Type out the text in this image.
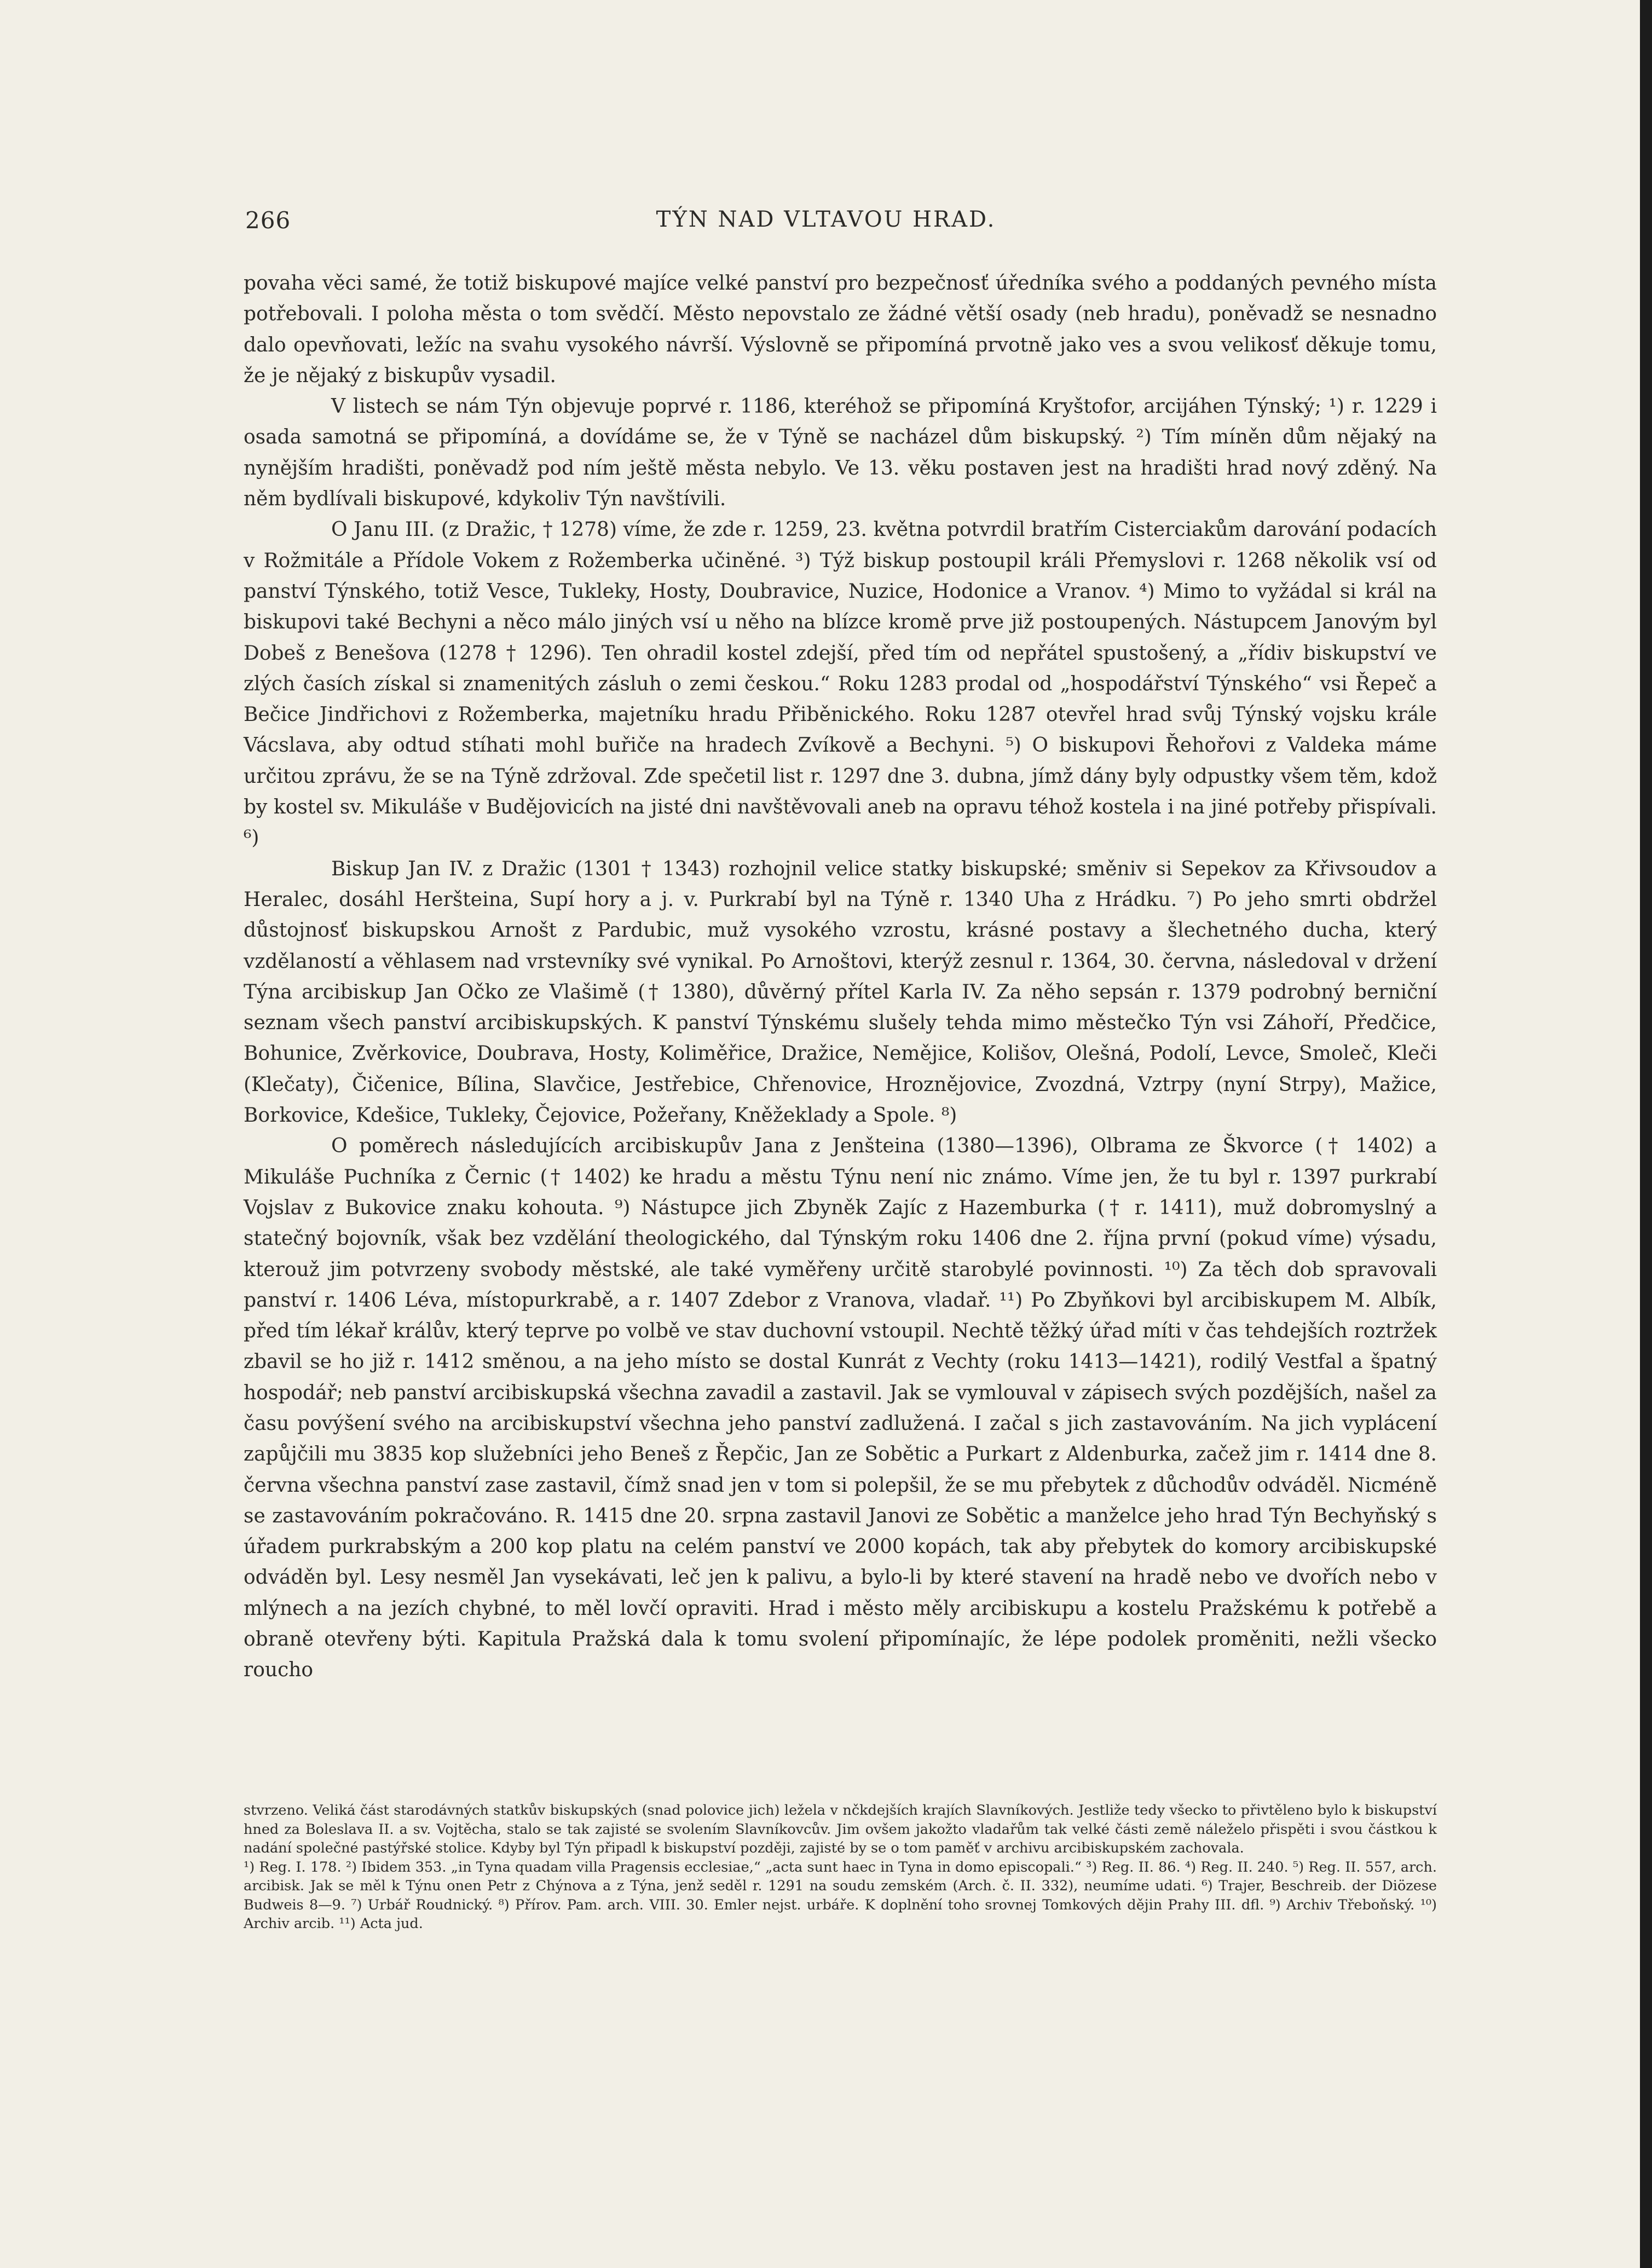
266	TÝN NAD VLTAVOU HRAD.

povaha věci samé, že totiž biskupové majíce velké panství pro bezpečnosť úředníka svého a poddaných pevného místa potřebovali. I poloha města o tom svědčí. Město nepovstalo ze žádné větší osady (neb hradu), poněvadž se nesnadno dalo opevňovati, ležíc na svahu vysokého návrší. Výslovně se připomíná prvotně jako ves a svou velikosť děkuje tomu, že je nějaký z biskupův vysadil.

V listech se nám Týn objevuje poprvé r. 1186, kteréhož se připomíná Kryštofor, arcijáhen Týnský; ¹) r. 1229 i osada samotná se připomíná, a dovídáme se, že v Týně se nacházel dům biskupský. ²) Tím míněn dům nějaký na nynějším hradišti, poněvadž pod ním ještě města nebylo. Ve 13. věku postaven jest na hradišti hrad nový zděný. Na něm bydlívali biskupové, kdykoliv Týn navštívili.

O Janu III. (z Dražic, † 1278) víme, že zde r. 1259, 23. května potvrdil bratřím Cisterciakům darování podacích v Rožmitále a Přídole Vokem z Rožemberka učiněné. ³) Týž biskup postoupil králi Přemyslovi r. 1268 několik vsí od panství Týnského, totiž Vesce, Tukleky, Hosty, Doubravice, Nuzice, Hodonice a Vranov. ⁴) Mimo to vyžádal si král na biskupovi také Bechyni a něco málo jiných vsí u něho na blízce kromě prve již postoupených. Nástupcem Janovým byl Dobeš z Benešova (1278 † 1296). Ten ohradil kostel zdejší, před tím od nepřátel spustošený, a „řídiv biskupství ve zlých časích získal si znamenitých zásluh o zemi českou.“ Roku 1283 prodal od „hospodářství Týnského“ vsi Řepeč a Bečice Jindřichovi z Rožemberka, majetníku hradu Přiběnického. Roku 1287 otevřel hrad svůj Týnský vojsku krále Vácslava, aby odtud stíhati mohl buřiče na hradech Zvíkově a Bechyni. ⁵) O biskupovi Řehořovi z Valdeka máme určitou zprávu, že se na Týně zdržoval. Zde spečetil list r. 1297 dne 3. dubna, jímž dány byly odpustky všem těm, kdož by kostel sv. Mikuláše v Budějovicích na jisté dni navštěvovali aneb na opravu téhož kostela i na jiné potřeby přispívali. ⁶)

Biskup Jan IV. z Dražic (1301 † 1343) rozhojnil velice statky biskupské; směniv si Sepekov za Křivsoudov a Heralec, dosáhl Heršteina, Supí hory a j. v. Purkrabí byl na Týně r. 1340 Uha z Hrádku. ⁷) Po jeho smrti obdržel důstojnosť biskupskou Arnošt z Pardubic, muž vysokého vzrostu, krásné postavy a šlechetného ducha, který vzdělaností a věhlasem nad vrstevníky své vynikal. Po Arnoštovi, kterýž zesnul r. 1364, 30. června, následoval v držení Týna arcibiskup Jan Očko ze Vlašimě († 1380), důvěrný přítel Karla IV. Za něho sepsán r. 1379 podrobný berniční seznam všech panství arcibiskupských. K panství Týnskému slušely tehda mimo městečko Týn vsi Záhoří, Předčice, Bohunice, Zvěrkovice, Doubrava, Hosty, Koliměřice, Dražice, Nemějice, Kolišov, Olešná, Podolí, Levce, Smoleč, Kleči (Klečaty), Čičenice, Bílina, Slavčice, Jestřebice, Chřenovice, Hroznějovice, Zvozdná, Vztrpy (nyní Strpy), Mažice, Borkovice, Kdešice, Tukleky, Čejovice, Požeřany, Kněžeklady a Spole. ⁸)

O poměrech následujících arcibiskupův Jana z Jenšteina (1380—1396), Olbrama ze Škvorce († 1402) a Mikuláše Puchníka z Černic († 1402) ke hradu a městu Týnu není nic známo. Víme jen, že tu byl r. 1397 purkrabí Vojslav z Bukovice znaku kohouta. ⁹) Nástupce jich Zbyněk Zajíc z Hazemburka († r. 1411), muž dobromyslný a statečný bojovník, však bez vzdělání theologického, dal Týnským roku 1406 dne 2. října první (pokud víme) výsadu, kterouž jim potvrzeny svobody městské, ale také vyměřeny určitě starobylé povinnosti. ¹⁰) Za těch dob spravovali panství r. 1406 Léva, místopurkrabě, a r. 1407 Zdebor z Vranova, vladař. ¹¹) Po Zbyňkovi byl arcibiskupem M. Albík, před tím lékař králův, který teprve po volbě ve stav duchovní vstoupil. Nechtě těžký úřad míti v čas tehdejších roztržek zbavil se ho již r. 1412 směnou, a na jeho místo se dostal Kunrát z Vechty (roku 1413—1421), rodilý Vestfal a špatný hospodář; neb panství arcibiskupská všechna zavadil a zastavil. Jak se vymlouval v zápisech svých pozdějších, našel za času povýšení svého na arcibiskupství všechna jeho panství zadlužená. I začal s jich zastavováním. Na jich vyplácení zapůjčili mu 3835 kop služebníci jeho Beneš z Řepčic, Jan ze Sobětic a Purkart z Aldenburka, začež jim r. 1414 dne 8. června všechna panství zase zastavil, čímž snad jen v tom si polepšil, že se mu přebytek z důchodův odváděl. Nicméně se zastavováním pokračováno. R. 1415 dne 20. srpna zastavil Janovi ze Sobětic a manželce jeho hrad Týn Bechyňský s úřadem purkrabským a 200 kop platu na celém panství ve 2000 kopách, tak aby přebytek do komory arcibiskupské odváděn byl. Lesy nesměl Jan vysekávati, leč jen k palivu, a bylo-li by které stavení na hradě nebo ve dvořích nebo v mlýnech a na jezích chybné, to měl lovčí opraviti. Hrad i město měly arcibiskupu a kostelu Pražskému k potřebě a obraně otevřeny býti. Kapitula Pražská dala k tomu svolení připomínajíc, že lépe podolek proměniti, nežli všecko roucho

stvrzeno. Veliká část starodávných statkův biskupských (snad polovice jich) ležela v nčkdejších krajích Slavníkových. Jestliže tedy všecko to přivtěleno bylo k biskupství hned za Boleslava II. a sv. Vojtěcha, stalo se tak zajisté se svolením Slavníkovcův. Jim ovšem jakožto vladařům tak velké části země náleželo přispěti i svou částkou k nadání společné pastýřské stolice. Kdyby byl Týn připadl k biskupství později, zajisté by se o tom paměť v archivu arcibiskupském zachovala.

¹) Reg. I. 178. ²) Ibidem 353. „in Tyna quadam villa Pragensis ecclesiae,“ „acta sunt haec in Tyna in domo episcopali.“ ³) Reg. II. 86. ⁴) Reg. II. 240. ⁵) Reg. II. 557, arch. arcibisk. Jak se měl k Týnu onen Petr z Chýnova a z Týna, jenž seděl r. 1291 na soudu zemském (Arch. č. II. 332), neumíme udati. ⁶) Trajer, Beschreib. der Diözese Budweis 8—9. ⁷) Urbář Roudnický. ⁸) Přírov. Pam. arch. VIII. 30. Emler nejst. urbáře. K doplnění toho srovnej Tomkových dějin Prahy III. dfl. ⁹) Archiv Třeboňský. ¹⁰) Archiv arcib. ¹¹) Acta jud.
